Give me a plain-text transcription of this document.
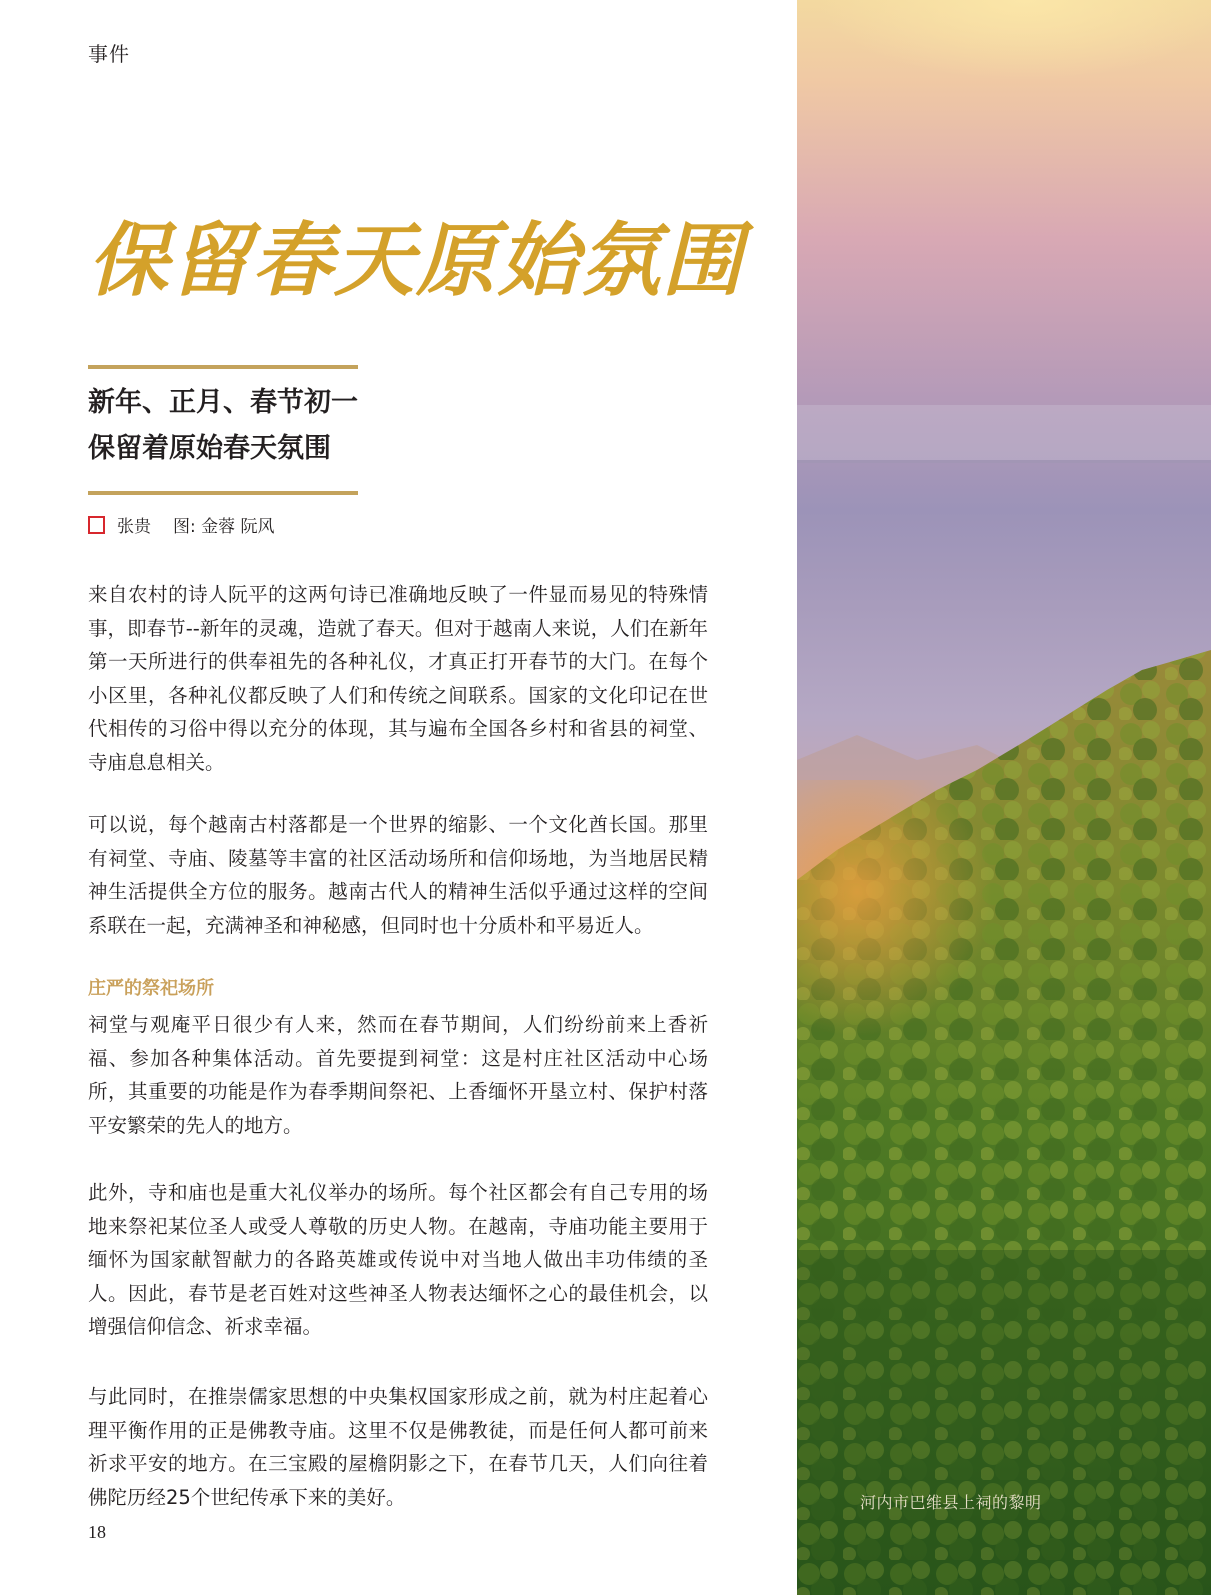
事件
保留春天原始氛围
新年、正月、春节初一
保留着原始春天氛围
张贵 图: 金蓉 阮风

来自农村的诗人阮平的这两句诗已准确地反映了一件显而易见的特殊情事，即春节--新年的灵魂，造就了春天。但对于越南人来说，人们在新年第一天所进行的供奉祖先的各种礼仪，才真正打开春节的大门。在每个小区里，各种礼仪都反映了人们和传统之间联系。国家的文化印记在世代相传的习俗中得以充分的体现，其与遍布全国各乡村和省县的祠堂、寺庙息息相关。

可以说，每个越南古村落都是一个世界的缩影、一个文化酋长国。那里有祠堂、寺庙、陵墓等丰富的社区活动场所和信仰场地，为当地居民精神生活提供全方位的服务。越南古代人的精神生活似乎通过这样的空间系联在一起，充满神圣和神秘感，但同时也十分质朴和平易近人。

庄严的祭祀场所

祠堂与观庵平日很少有人来，然而在春节期间，人们纷纷前来上香祈福、参加各种集体活动。首先要提到祠堂：这是村庄社区活动中心场所，其重要的功能是作为春季期间祭祀、上香缅怀开垦立村、保护村落平安繁荣的先人的地方。

此外，寺和庙也是重大礼仪举办的场所。每个社区都会有自己专用的场地来祭祀某位圣人或受人尊敬的历史人物。在越南，寺庙功能主要用于缅怀为国家献智献力的各路英雄或传说中对当地人做出丰功伟绩的圣人。因此，春节是老百姓对这些神圣人物表达缅怀之心的最佳机会，以增强信仰信念、祈求幸福。

与此同时，在推崇儒家思想的中央集权国家形成之前，就为村庄起着心理平衡作用的正是佛教寺庙。这里不仅是佛教徒，而是任何人都可前来祈求平安的地方。在三宝殿的屋檐阴影之下，在春节几天，人们向往着佛陀历经25个世纪传承下来的美好。

18
河内市巴维县上祠的黎明
